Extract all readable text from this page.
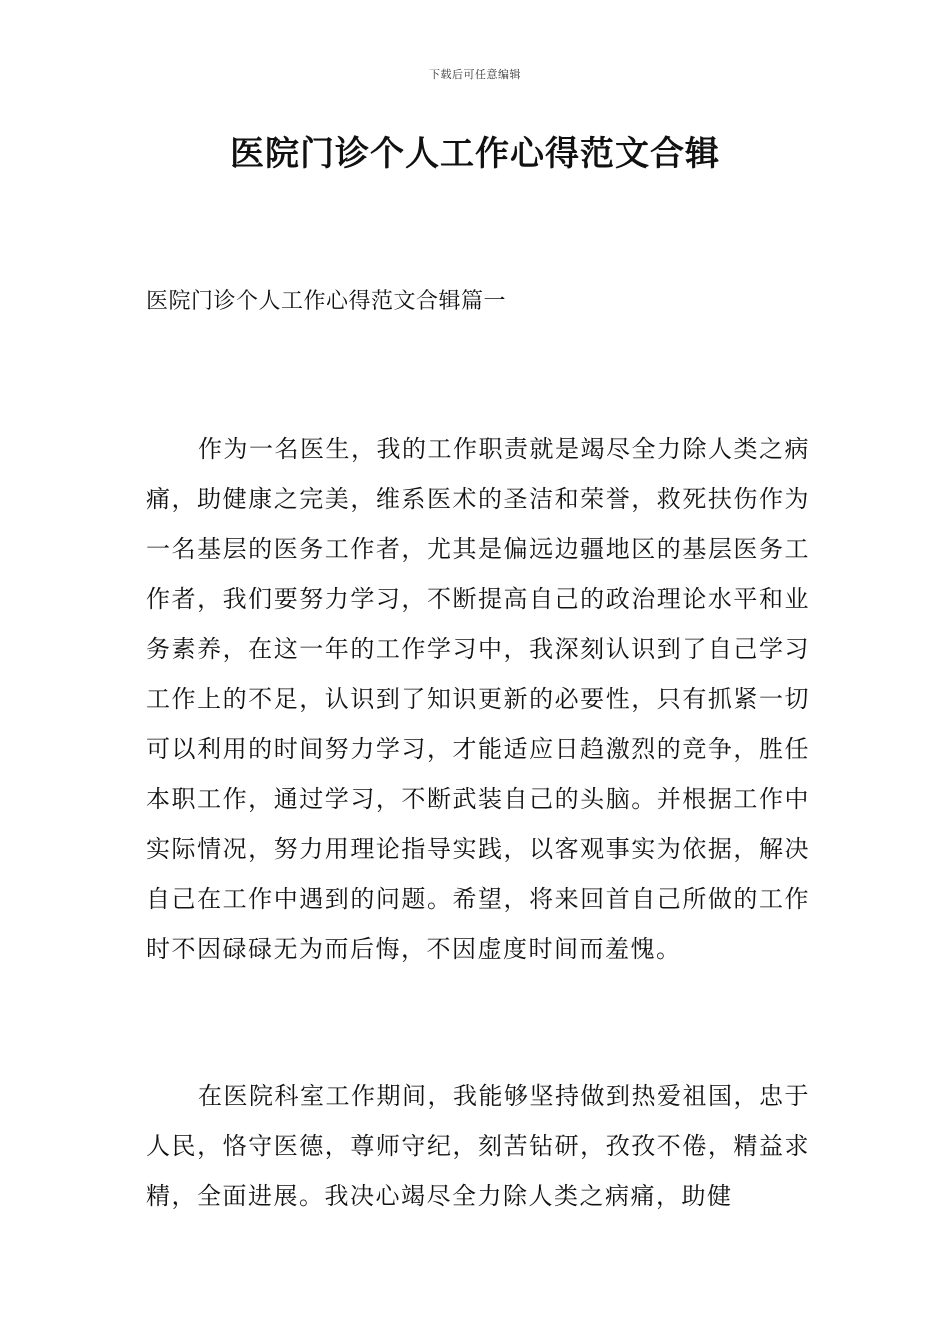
下载后可任意编辑
医院门诊个人工作心得范文合辑
医院门诊个人工作心得范文合辑篇一

作为一名医生，我的工作职责就是竭尽全力除人类之病痛，助健康之完美，维系医术的圣洁和荣誉，救死扶伤作为一名基层的医务工作者，尤其是偏远边疆地区的基层医务工作者，我们要努力学习，不断提高自己的政治理论水平和业务素养，在这一年的工作学习中，我深刻认识到了自己学习工作上的不足，认识到了知识更新的必要性，只有抓紧一切可以利用的时间努力学习，才能适应日趋激烈的竞争，胜任本职工作，通过学习，不断武装自己的头脑。并根据工作中实际情况，努力用理论指导实践，以客观事实为依据，解决自己在工作中遇到的问题。希望，将来回首自己所做的工作时不因碌碌无为而后悔，不因虚度时间而羞愧。

在医院科室工作期间，我能够坚持做到热爱祖国，忠于人民，恪守医德，尊师守纪，刻苦钻研，孜孜不倦，精益求精，全面进展。我决心竭尽全力除人类之病痛，助健
